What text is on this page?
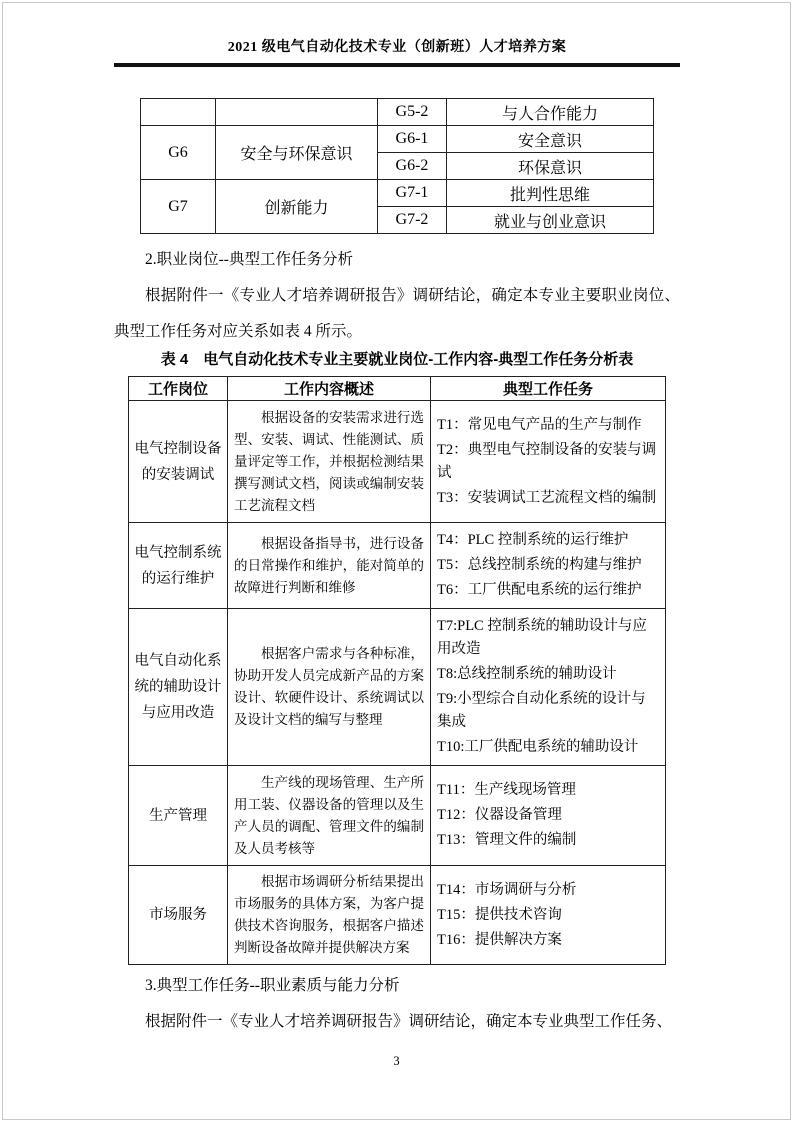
2021 级电气自动化技术专业（创新班）人才培养方案
		G5-2	与人合作能力
G6	安全与环保意识	G6-1	安全意识
		G6-2	环保意识
G7	创新能力	G7-1	批判性思维
		G7-2	就业与创业意识
2.职业岗位--典型工作任务分析
根据附件一《专业人才培养调研报告》调研结论，确定本专业主要职业岗位、典型工作任务对应关系如表 4 所示。
表 4　电气自动化技术专业主要就业岗位-工作内容-典型工作任务分析表
工作岗位	工作内容概述	典型工作任务
电气控制设备的安装调试	根据设备的安装需求进行选型、安装、调试、性能测试、质量评定等工作，并根据检测结果撰写测试文档，阅读或编制安装工艺流程文档	T1：常见电气产品的生产与制作
T2：典型电气控制设备的安装与调试
T3：安装调试工艺流程文档的编制

电气控制系统的运行维护	根据设备指导书，进行设备的日常操作和维护，能对简单的故障进行判断和维修	T4：PLC 控制系统的运行维护
T5：总线控制系统的构建与维护
T6：工厂供配电系统的运行维护

电气自动化系统的辅助设计与应用改造	根据客户需求与各种标准，协助开发人员完成新产品的方案设计、软硬件设计、系统调试以及设计文档的编写与整理	T7:PLC 控制系统的辅助设计与应用改造
T8:总线控制系统的辅助设计
T9:小型综合自动化系统的设计与集成
T10:工厂供配电系统的辅助设计

生产管理	生产线的现场管理、生产所用工装、仪器设备的管理以及生产人员的调配、管理文件的编制及人员考核等	T11：生产线现场管理
T12：仪器设备管理
T13：管理文件的编制

市场服务	根据市场调研分析结果提出市场服务的具体方案，为客户提供技术咨询服务，根据客户描述判断设备故障并提供解决方案	T14：市场调研与分析
T15：提供技术咨询
T16：提供解决方案
3.典型工作任务--职业素质与能力分析
根据附件一《专业人才培养调研报告》调研结论，确定本专业典型工作任务、
3
